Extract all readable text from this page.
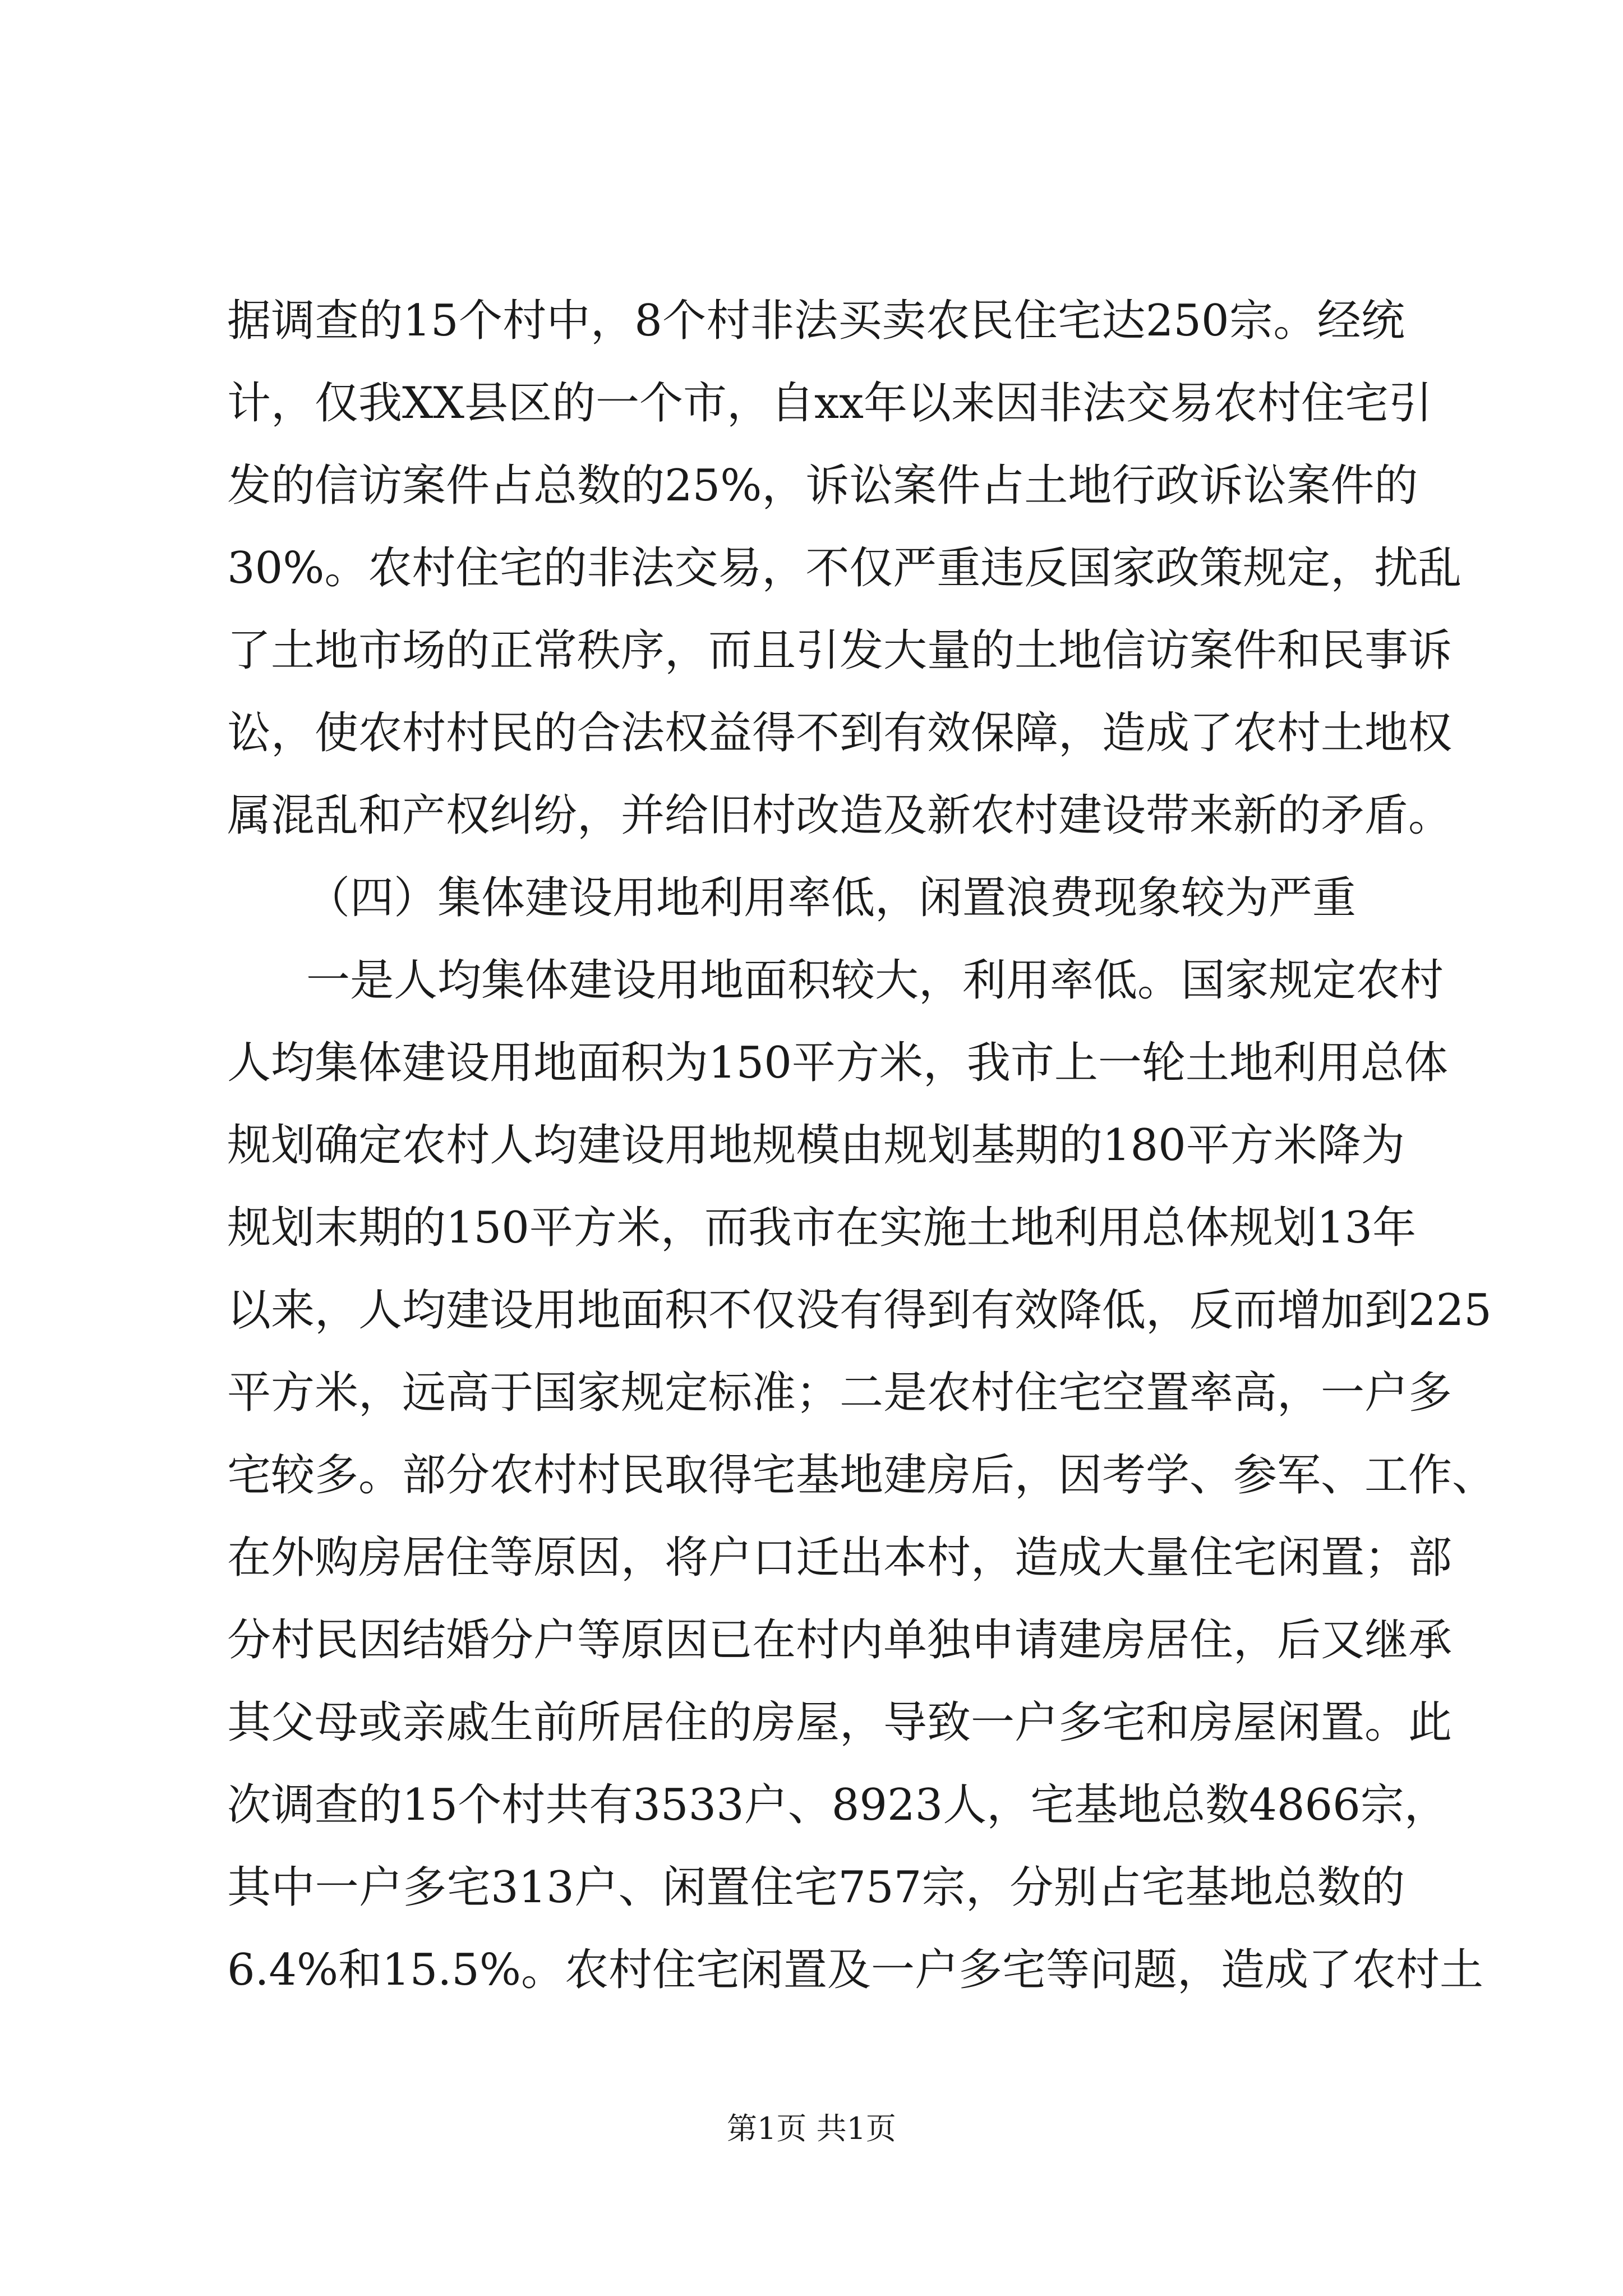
据调查的15个村中，8个村非法买卖农民住宅达250宗。经统
计，仅我XX县区的一个市，自xx年以来因非法交易农村住宅引
发的信访案件占总数的25%，诉讼案件占土地行政诉讼案件的
30%。农村住宅的非法交易，不仅严重违反国家政策规定，扰乱
了土地市场的正常秩序，而且引发大量的土地信访案件和民事诉
讼，使农村村民的合法权益得不到有效保障，造成了农村土地权
属混乱和产权纠纷，并给旧村改造及新农村建设带来新的矛盾。
（四）集体建设用地利用率低，闲置浪费现象较为严重
一是人均集体建设用地面积较大，利用率低。国家规定农村
人均集体建设用地面积为150平方米，我市上一轮土地利用总体
规划确定农村人均建设用地规模由规划基期的180平方米降为
规划末期的150平方米，而我市在实施土地利用总体规划13年
以来，人均建设用地面积不仅没有得到有效降低，反而增加到225
平方米，远高于国家规定标准；二是农村住宅空置率高，一户多
宅较多。部分农村村民取得宅基地建房后，因考学、参军、工作、
在外购房居住等原因，将户口迁出本村，造成大量住宅闲置；部
分村民因结婚分户等原因已在村内单独申请建房居住，后又继承
其父母或亲戚生前所居住的房屋，导致一户多宅和房屋闲置。此
次调查的15个村共有3533户、8923人，宅基地总数4866宗，
其中一户多宅313户、闲置住宅757宗，分别占宅基地总数的
6.4%和15.5%。农村住宅闲置及一户多宅等问题，造成了农村土
第1页 共1页
